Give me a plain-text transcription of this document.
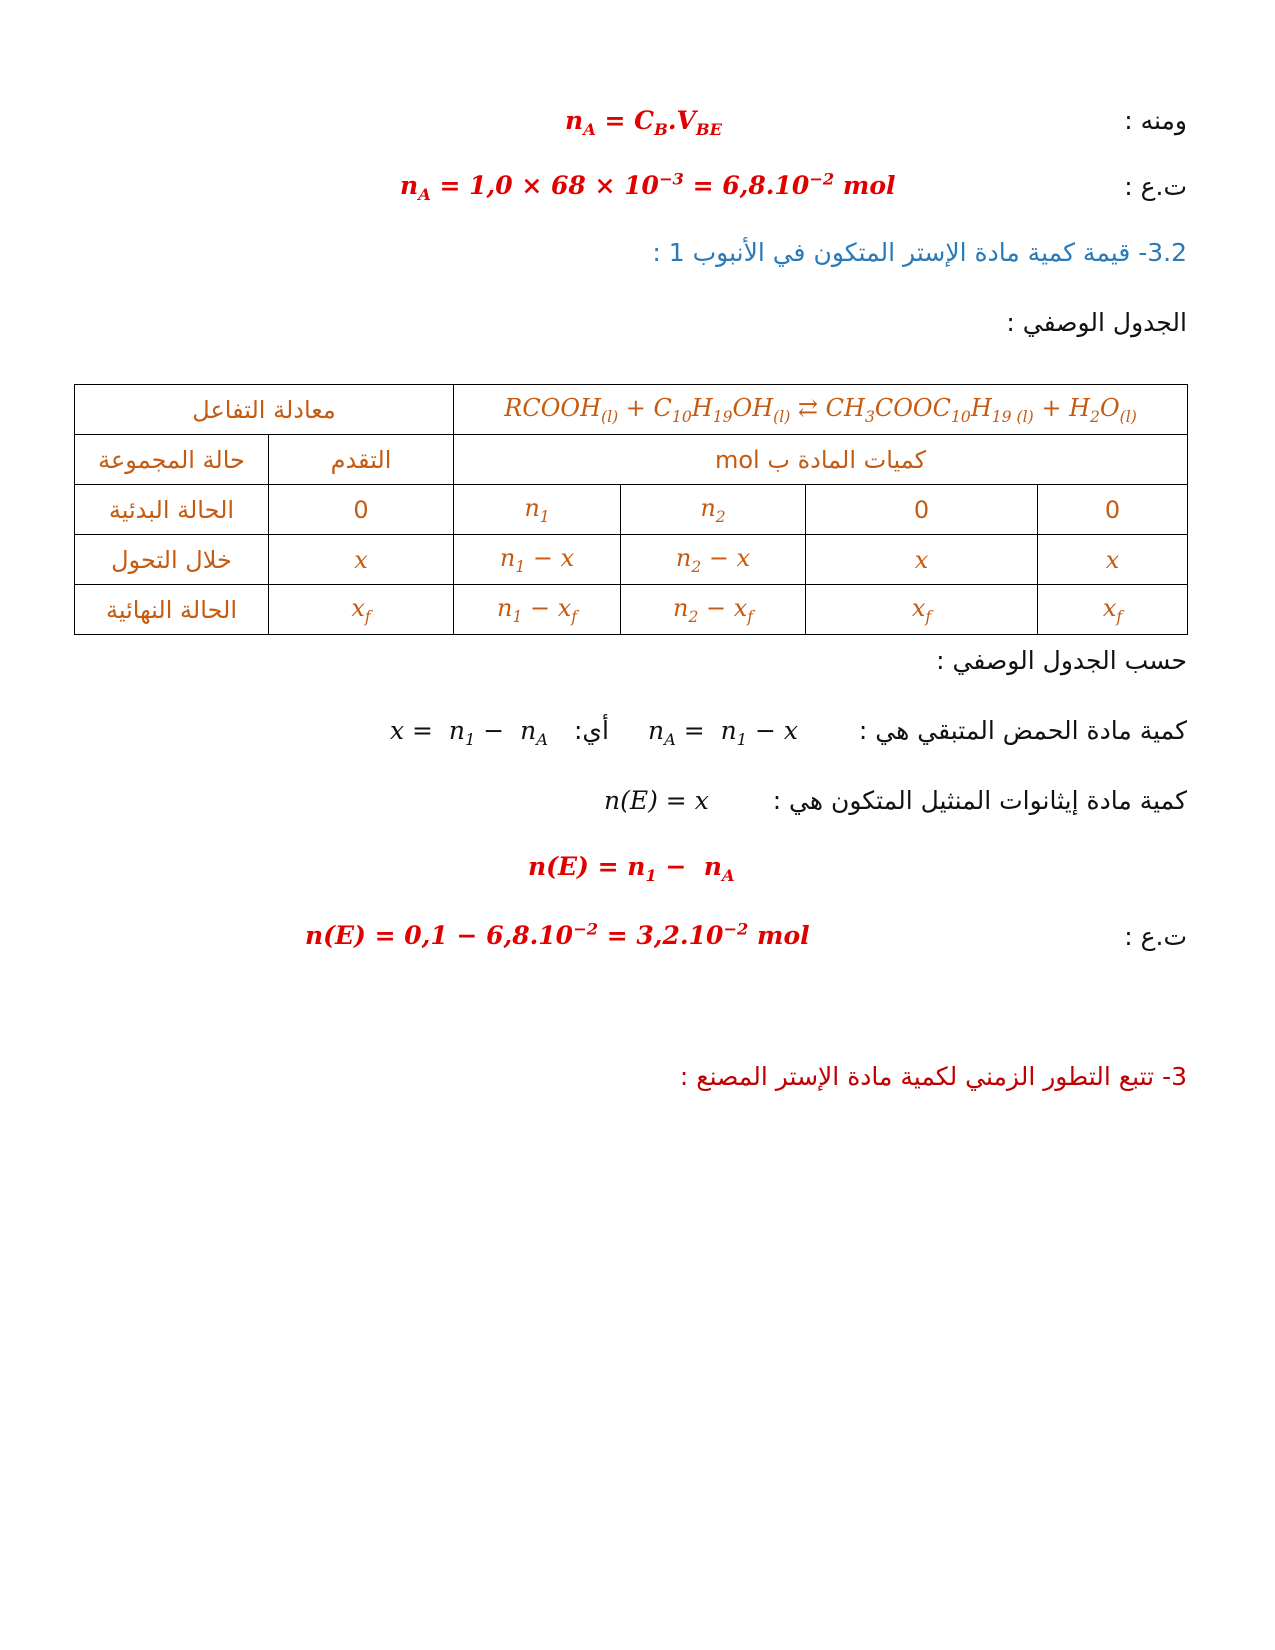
ومنه :
$n_A = C_B.V_{BE}$
ت.ع :
$n_A = 1,0 \times 68 \times 10^{-3} = 6,8.10^{-2}$ mol
3.2- قيمة كمية مادة الإستر المتكون في الأنبوب 1 :
الجدول الوصفي :
معادلة التفاعل		$RCOOH_{(l)} + C_{10}H_{19}OH_{(l)}$ ⇄ $CH_3COOC_{10}H_{19 (l)} + H_2O_{(l)}$
حالة المجموعة	التقدم	كميات المادة ب mol			
الحالة البدئية	0	$n_1$	$n_2$	0	0
خلال التحول	x	$n_1 - x$	$n_2 - x$	x	x
الحالة النهائية	$x_f$	$n_1 - x_f$	$n_2 - x_f$	$x_f$	$x_f$
حسب الجدول الوصفي :
كمية مادة الحمض المتبقي هي :
$n_A = n_1 - x$
أي:
$x = n_1 - n_A$
كمية مادة إيثانوات المنثيل المتكون هي :
n(E) = x
$n(E) = n_1 - n_A$
ت.ع :
$n(E) = 0,1 - 6,8.10^{-2} = 3,2.10^{-2}$ mol
3- تتبع التطور الزمني لكمية مادة الإستر المصنع :
